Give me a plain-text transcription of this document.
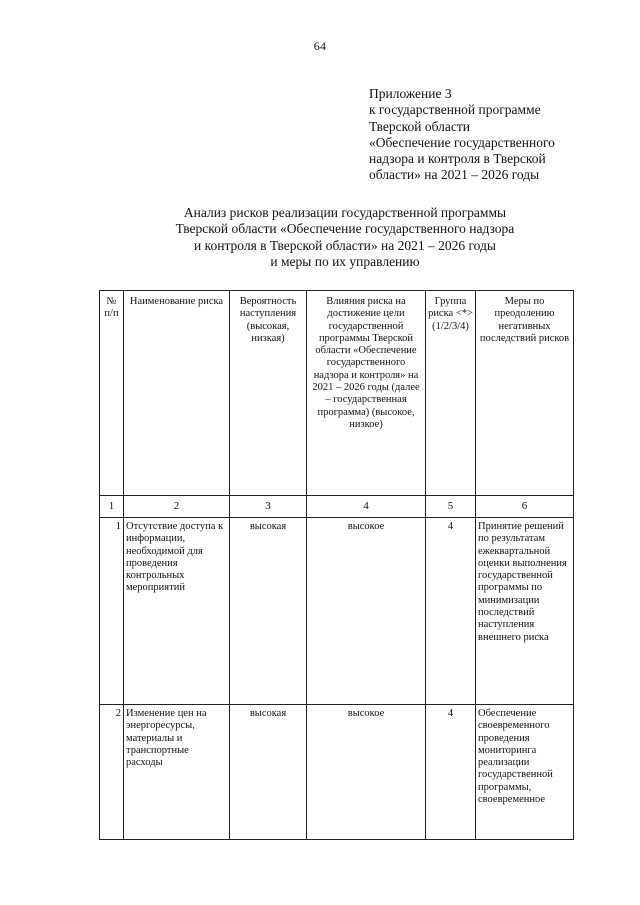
64
Приложение 3
к государственной программе
Тверской области
«Обеспечение государственного
надзора и контроля в Тверской
области» на 2021 – 2026 годы
Анализ рисков реализации государственной программы
Тверской области «Обеспечение государственного надзора
и контроля в Тверской области» на 2021 – 2026 годы
и меры по их управлению
№ п/п	Наименование риска	Вероятность наступления (высокая, низкая)	Влияния риска на достижение цели государственной программы Тверской области «Обеспечение государственного надзора и контроля» на 2021 – 2026 годы (далее – государственная программа) (высокое, низкое)	Группа риска <*> (1/2/3/4)	Меры по преодолению негативных последствий рисков
1	2	3	4	5	6
1	Отсутствие доступа к информации, необходимой для проведения контрольных мероприятий	высокая	высокое	4	Принятие решений по результатам ежеквартальной оценки выполнения государственной программы по минимизации последствий наступления внешнего риска
2	Изменение цен на энергоресурсы, материалы и транспортные расходы	высокая	высокое	4	Обеспечение своевременного проведения мониторинга реализации государственной программы, своевременное
